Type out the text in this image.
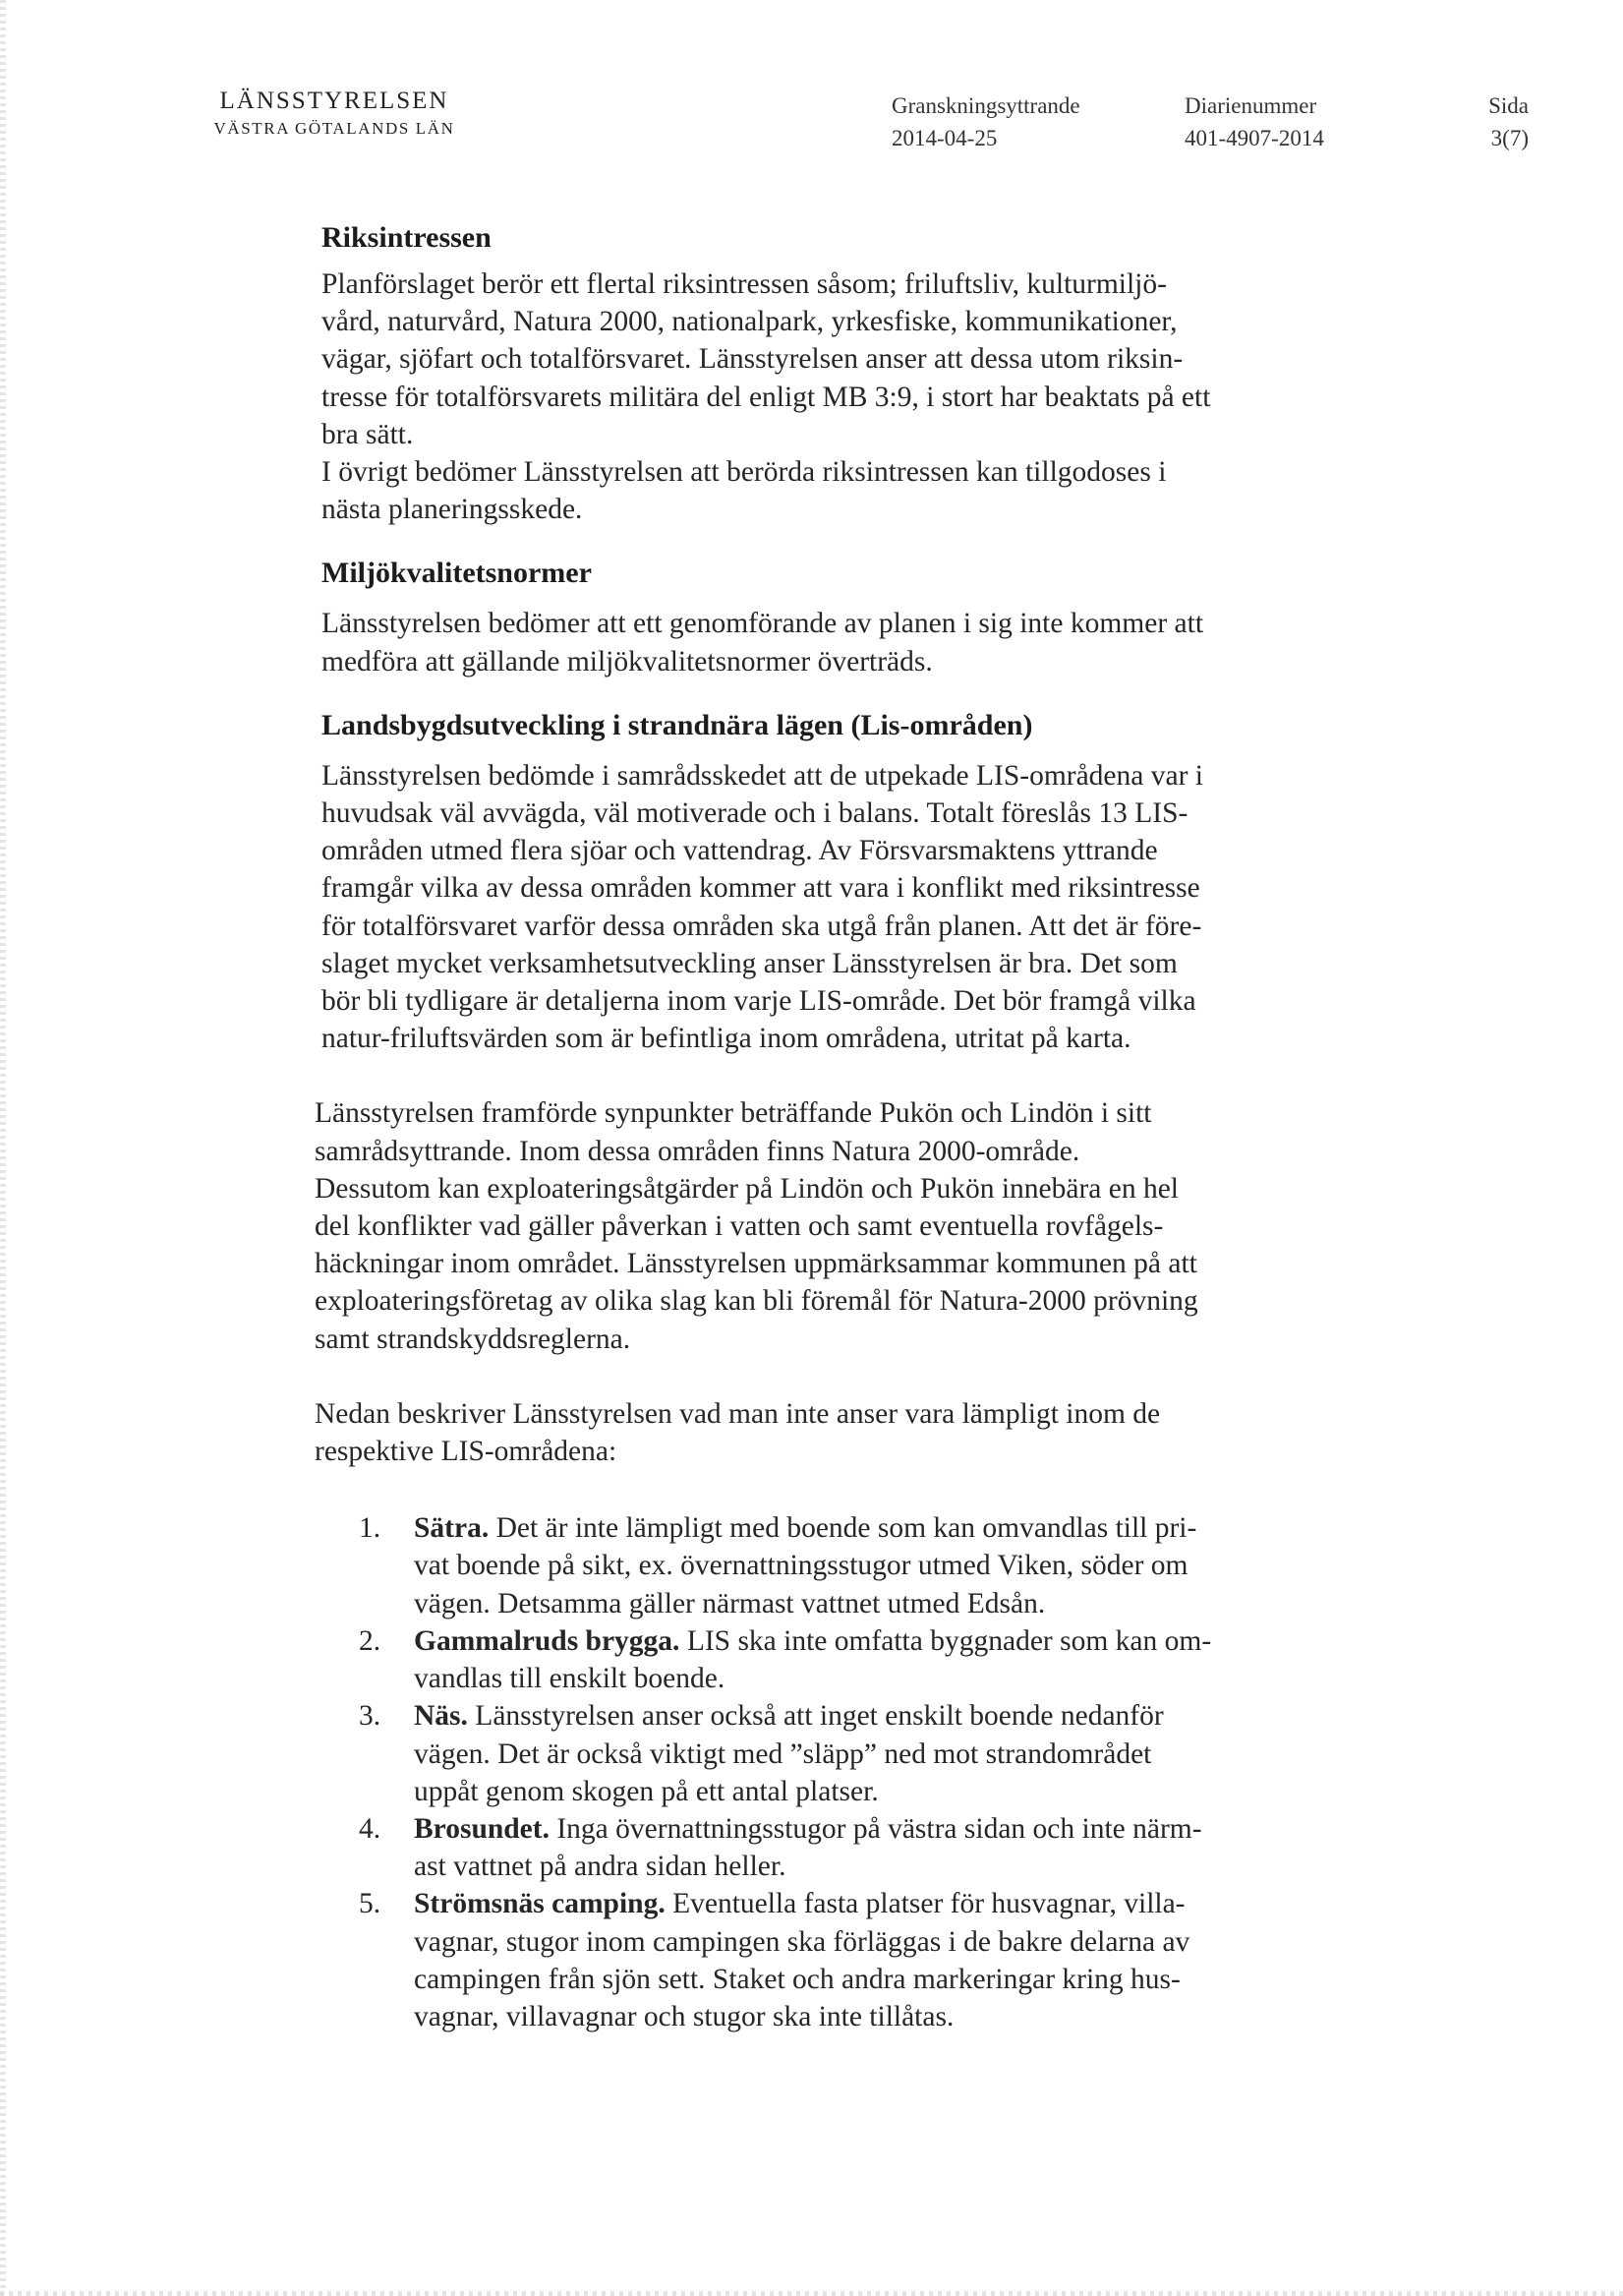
LÄNSSTYRELSEN
VÄSTRA GÖTALANDS LÄN
Granskningsyttrande
2014-04-25
Diarienummer
401-4907-2014
Sida
3(7)
Riksintressen

Planförslaget berör ett flertal riksintressen såsom; friluftsliv, kulturmiljö-
vård, naturvård, Natura 2000, nationalpark, yrkesfiske, kommunikationer,
vägar, sjöfart och totalförsvaret. Länsstyrelsen anser att dessa utom riksin-
tresse för totalförsvarets militära del enligt MB 3:9, i stort har beaktats på ett
bra sätt.

I övrigt bedömer Länsstyrelsen att berörda riksintressen kan tillgodoses i
nästa planeringsskede.

Miljökvalitetsnormer

Länsstyrelsen bedömer att ett genomförande av planen i sig inte kommer att
medföra att gällande miljökvalitetsnormer överträds.

Landsbygdsutveckling i strandnära lägen (Lis-områden)

Länsstyrelsen bedömde i samrådsskedet att de utpekade LIS-områdena var i
huvudsak väl avvägda, väl motiverade och i balans. Totalt föreslås 13 LIS-
områden utmed flera sjöar och vattendrag. Av Försvarsmaktens yttrande
framgår vilka av dessa områden kommer att vara i konflikt med riksintresse
för totalförsvaret varför dessa områden ska utgå från planen. Att det är före-
slaget mycket verksamhetsutveckling anser Länsstyrelsen är bra. Det som
bör bli tydligare är detaljerna inom varje LIS-område. Det bör framgå vilka
natur-friluftsvärden som är befintliga inom områdena, utritat på karta.

Länsstyrelsen framförde synpunkter beträffande Pukön och Lindön i sitt
samrådsyttrande. Inom dessa områden finns Natura 2000-område.
Dessutom kan exploateringsåtgärder på Lindön och Pukön innebära en hel
del konflikter vad gäller påverkan i vatten och samt eventuella rovfågels-
häckningar inom området. Länsstyrelsen uppmärksammar kommunen på att
exploateringsföretag av olika slag kan bli föremål för Natura-2000 prövning
samt strandskyddsreglerna.

Nedan beskriver Länsstyrelsen vad man inte anser vara lämpligt inom de
respektive LIS-områdena:

1. Sätra. Det är inte lämpligt med boende som kan omvandlas till pri-
vat boende på sikt, ex. övernattningsstugor utmed Viken, söder om
vägen. Detsamma gäller närmast vattnet utmed Edsån.
2. Gammalruds brygga. LIS ska inte omfatta byggnader som kan om-
vandlas till enskilt boende.
3. Näs. Länsstyrelsen anser också att inget enskilt boende nedanför
vägen. Det är också viktigt med ”släpp” ned mot strandområdet
uppåt genom skogen på ett antal platser.
4. Brosundet. Inga övernattningsstugor på västra sidan och inte närm-
ast vattnet på andra sidan heller.
5. Strömsnäs camping. Eventuella fasta platser för husvagnar, villa-
vagnar, stugor inom campingen ska förläggas i de bakre delarna av
campingen från sjön sett. Staket och andra markeringar kring hus-
vagnar, villavagnar och stugor ska inte tillåtas.
